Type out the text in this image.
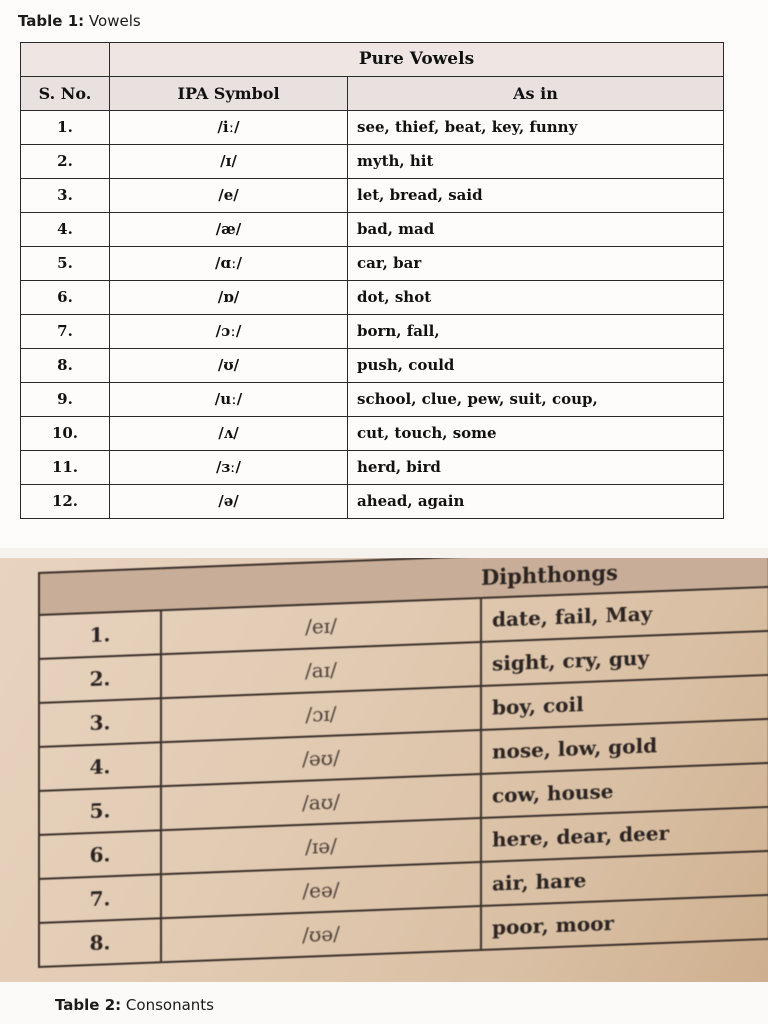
Table 1: Vowels
	Pure Vowels	
S. No.	IPA Symbol	As in
1.	/iː/	see, thief, beat, key, funny
2.	/ɪ/	myth, hit
3.	/e/	let, bread, said
4.	/æ/	bad, mad
5.	/ɑː/	car, bar
6.	/ɒ/	dot, shot
7.	/ɔː/	born, fall,
8.	/ʊ/	push, could
9.	/uː/	school, clue, pew, suit, coup,
10.	/ʌ/	cut, touch, some
11.	/ɜː/	herd, bird
12.	/ə/	ahead, again
		Diphthongs
1.	/eɪ/	date, fail, May
2.	/aɪ/	sight, cry, guy
3.	/ɔɪ/	boy, coil
4.	/əʊ/	nose, low, gold
5.	/aʊ/	cow, house
6.	/ɪə/	here, dear, deer
7.	/eə/	air, hare
8.	/ʊə/	poor, moor
Table 2: Consonants
